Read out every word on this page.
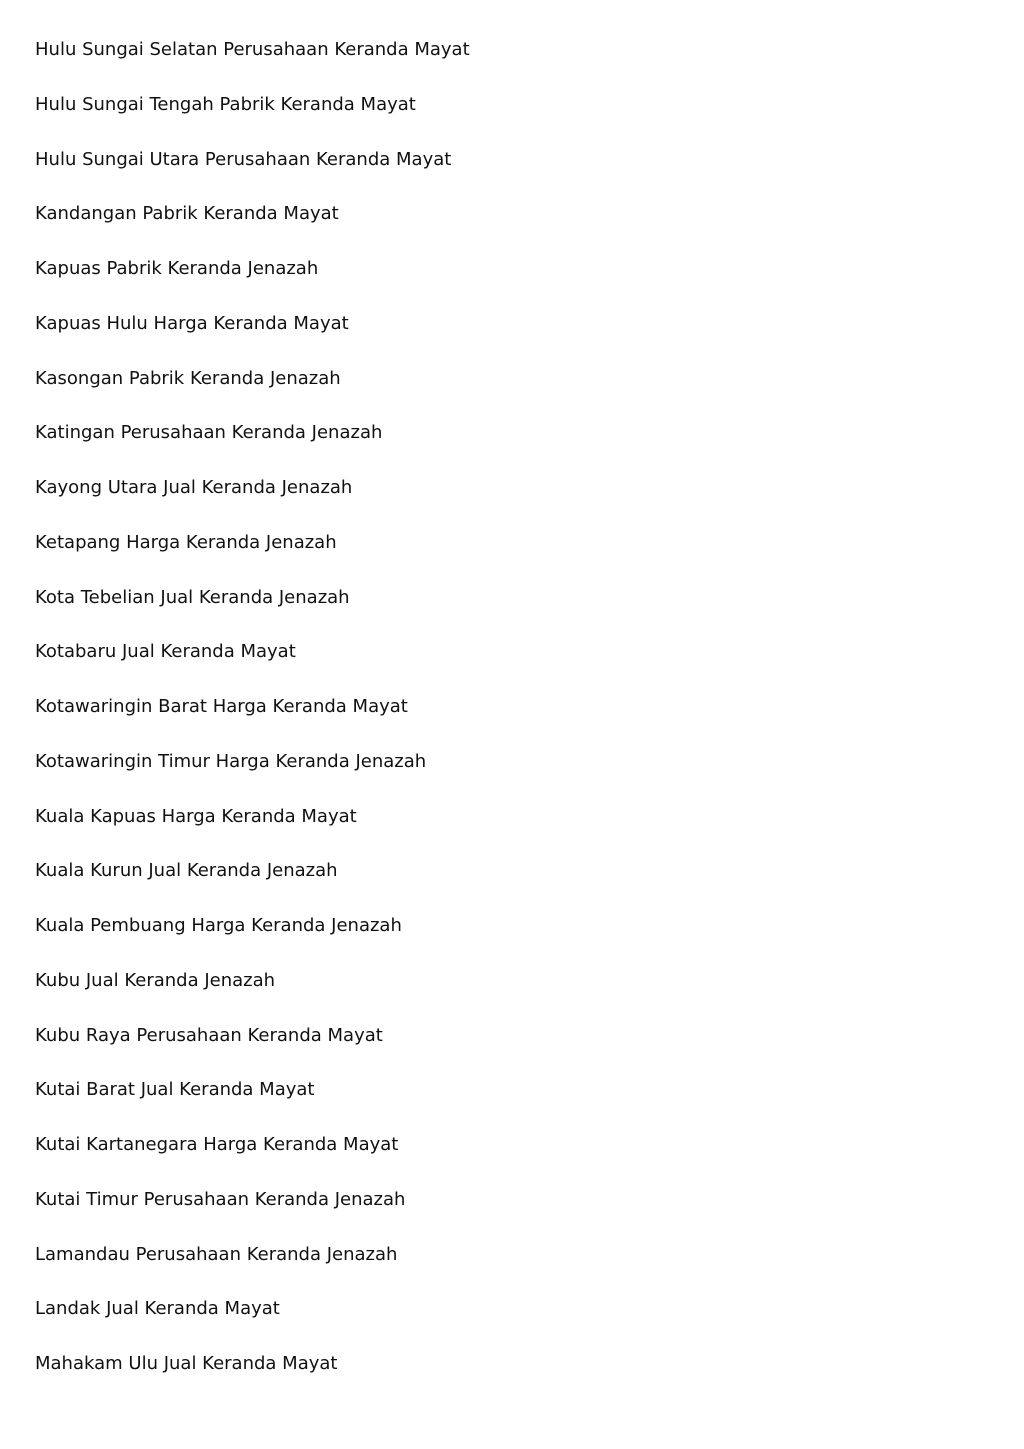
Hulu Sungai Selatan Perusahaan Keranda Mayat
Hulu Sungai Tengah Pabrik Keranda Mayat
Hulu Sungai Utara Perusahaan Keranda Mayat
Kandangan Pabrik Keranda Mayat
Kapuas Pabrik Keranda Jenazah
Kapuas Hulu Harga Keranda Mayat
Kasongan Pabrik Keranda Jenazah
Katingan Perusahaan Keranda Jenazah
Kayong Utara Jual Keranda Jenazah
Ketapang Harga Keranda Jenazah
Kota Tebelian Jual Keranda Jenazah
Kotabaru Jual Keranda Mayat
Kotawaringin Barat Harga Keranda Mayat
Kotawaringin Timur Harga Keranda Jenazah
Kuala Kapuas Harga Keranda Mayat
Kuala Kurun Jual Keranda Jenazah
Kuala Pembuang Harga Keranda Jenazah
Kubu Jual Keranda Jenazah
Kubu Raya Perusahaan Keranda Mayat
Kutai Barat Jual Keranda Mayat
Kutai Kartanegara Harga Keranda Mayat
Kutai Timur Perusahaan Keranda Jenazah
Lamandau Perusahaan Keranda Jenazah
Landak Jual Keranda Mayat
Mahakam Ulu Jual Keranda Mayat
